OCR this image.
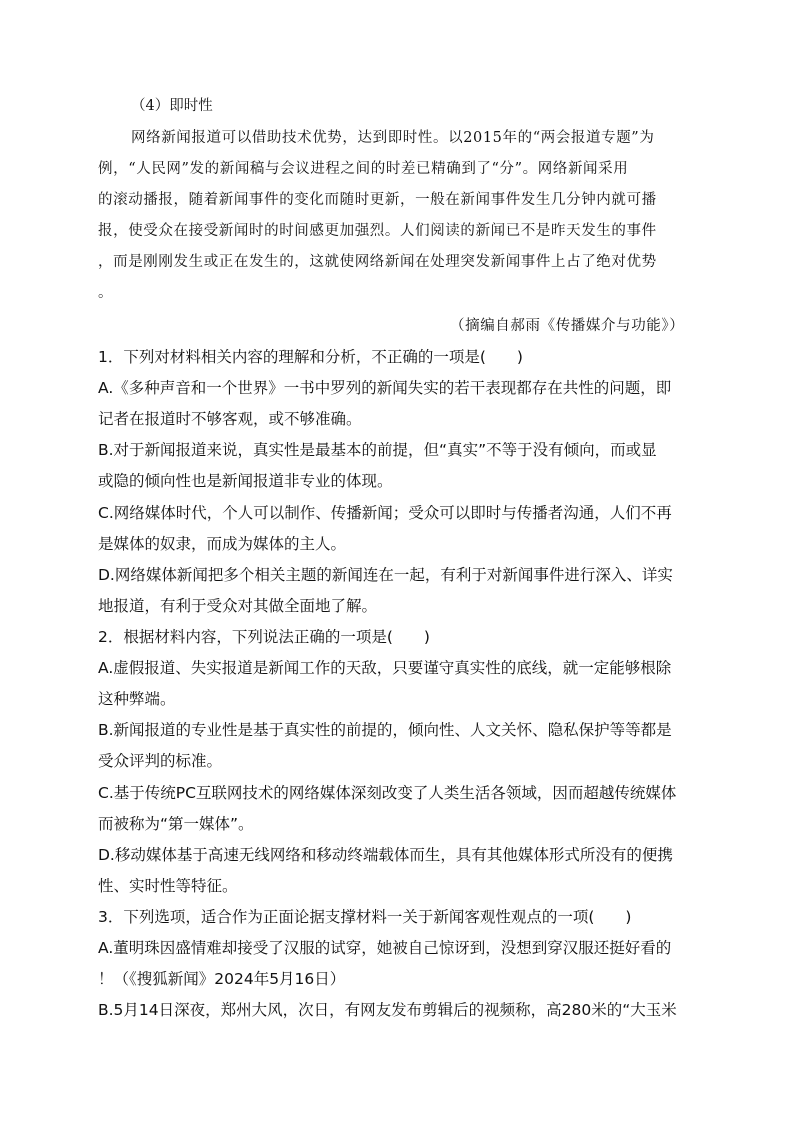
（4）即时性
网络新闻报道可以借助技术优势，达到即时性。以2015年的“两会报道专题”为
例，“人民网”发的新闻稿与会议进程之间的时差已精确到了“分”。网络新闻采用
的滚动播报，随着新闻事件的变化而随时更新，一般在新闻事件发生几分钟内就可播
报，使受众在接受新闻时的时间感更加强烈。人们阅读的新闻已不是昨天发生的事件
，而是刚刚发生或正在发生的，这就使网络新闻在处理突发新闻事件上占了绝对优势
。
（摘编自郝雨《传播媒介与功能》）
1．下列对材料相关内容的理解和分析，不正确的一项是(　　)
A.《多种声音和一个世界》一书中罗列的新闻失实的若干表现都存在共性的问题，即
记者在报道时不够客观，或不够准确。
B.对于新闻报道来说，真实性是最基本的前提，但“真实”不等于没有倾向，而或显
或隐的倾向性也是新闻报道非专业的体现。
C.网络媒体时代，个人可以制作、传播新闻；受众可以即时与传播者沟通，人们不再
是媒体的奴隶，而成为媒体的主人。
D.网络媒体新闻把多个相关主题的新闻连在一起，有利于对新闻事件进行深入、详实
地报道，有利于受众对其做全面地了解。
2．根据材料内容，下列说法正确的一项是(　　)
A.虚假报道、失实报道是新闻工作的天敌，只要谨守真实性的底线，就一定能够根除
这种弊端。
B.新闻报道的专业性是基于真实性的前提的，倾向性、人文关怀、隐私保护等等都是
受众评判的标准。
C.基于传统PC互联网技术的网络媒体深刻改变了人类生活各领域，因而超越传统媒体
而被称为“第一媒体”。
D.移动媒体基于高速无线网络和移动终端载体而生，具有其他媒体形式所没有的便携
性、实时性等特征。
3．下列选项，适合作为正面论据支撑材料一关于新闻客观性观点的一项(　　)
A.董明珠因盛情难却接受了汉服的试穿，她被自己惊讶到，没想到穿汉服还挺好看的
！（《搜狐新闻》2024年5月16日）
B.5月14日深夜，郑州大风，次日，有网友发布剪辑后的视频称，高280米的“大玉米
